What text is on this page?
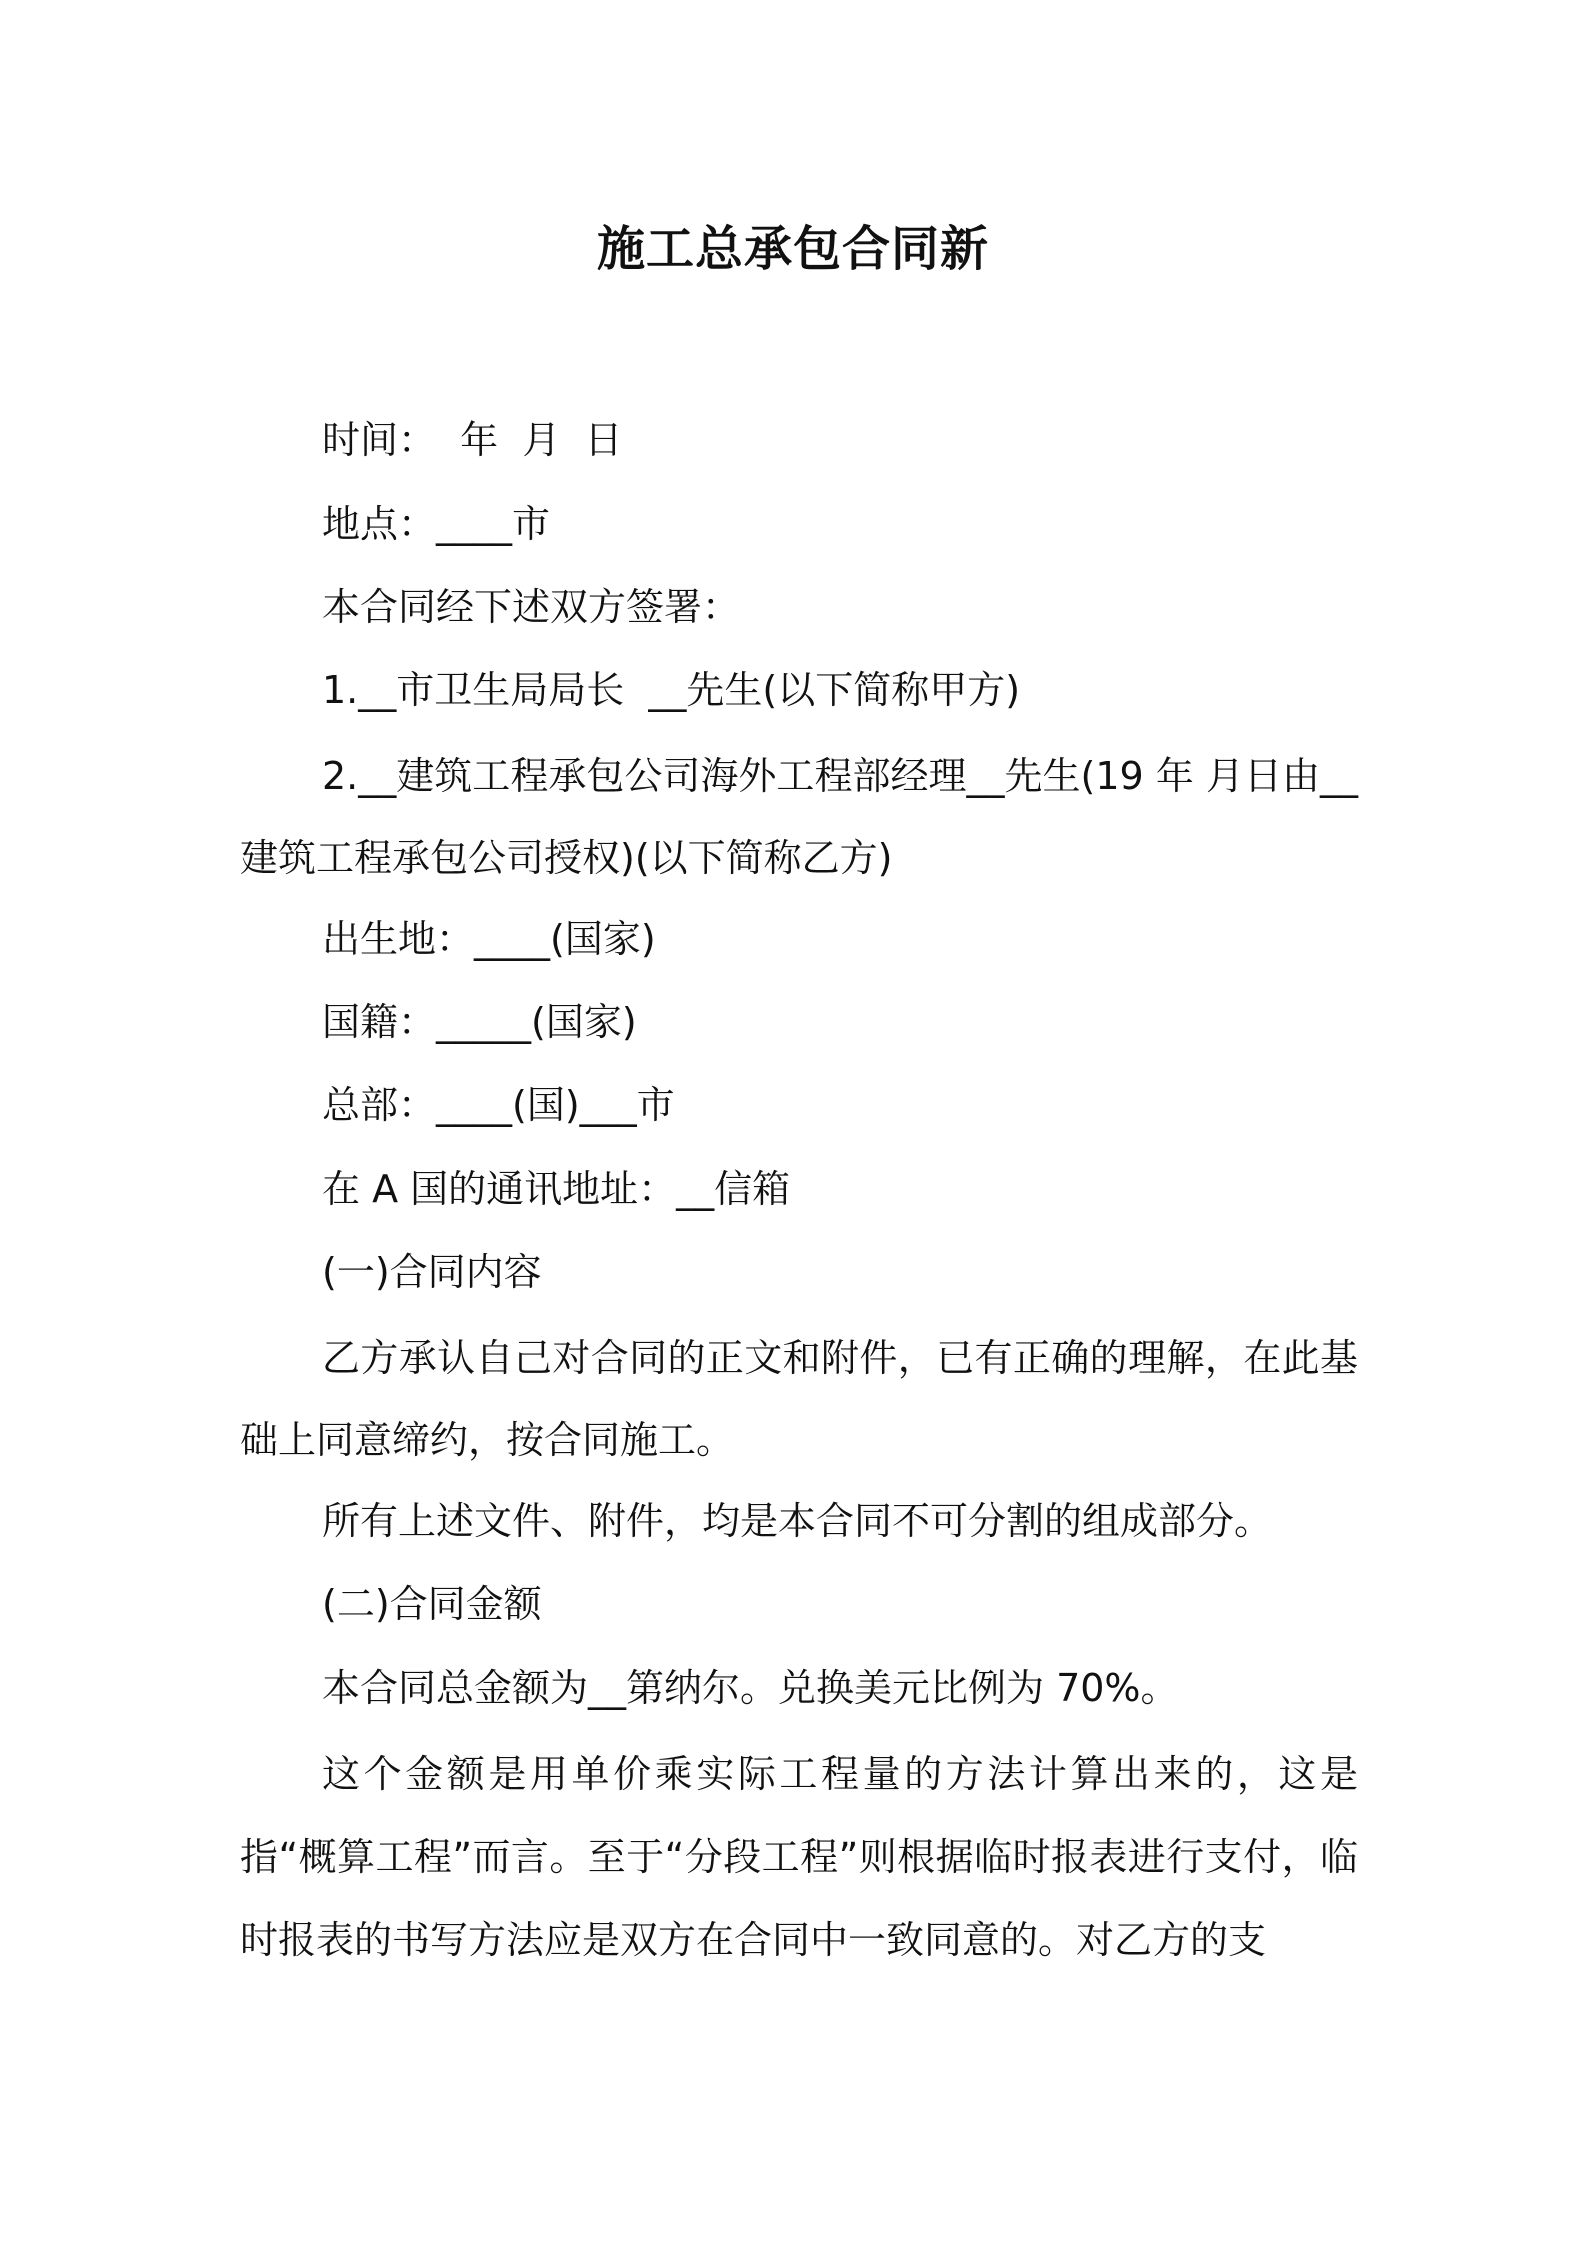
施工总承包合同新
时间：  年  月  日
地点：____市
本合同经下述双方签署：
1.__市卫生局局长  __先生(以下简称甲方)
2.__建筑工程承包公司海外工程部经理__先生(19 年 月日由__建筑工程承包公司授权)(以下简称乙方)
出生地：____(国家)
国籍：_____(国家)
总部：____(国)___市
在 A 国的通讯地址：__信箱
(一)合同内容
乙方承认自己对合同的正文和附件，已有正确的理解，在此基础上同意缔约，按合同施工。
所有上述文件、附件，均是本合同不可分割的组成部分。
(二)合同金额
本合同总金额为__第纳尔。兑换美元比例为 70%。
这个金额是用单价乘实际工程量的方法计算出来的，这是指“概算工程”而言。至于“分段工程”则根据临时报表进行支付，临时报表的书写方法应是双方在合同中一致同意的。对乙方的支
